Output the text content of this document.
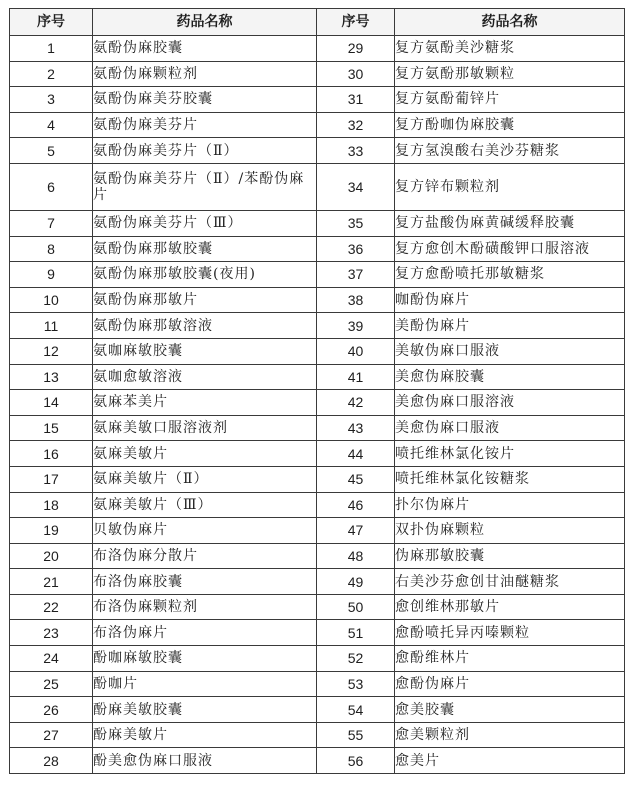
序号	药品名称	序号	药品名称
1	氨酚伪麻胶囊	29	复方氨酚美沙糖浆
2	氨酚伪麻颗粒剂	30	复方氨酚那敏颗粒
3	氨酚伪麻美芬胶囊	31	复方氨酚葡锌片
4	氨酚伪麻美芬片	32	复方酚咖伪麻胶囊
5	氨酚伪麻美芬片（Ⅱ）	33	复方氢溴酸右美沙芬糖浆
6	氨酚伪麻美芬片（Ⅱ）/苯酚伪麻片	34	复方锌布颗粒剂
7	氨酚伪麻美芬片（Ⅲ）	35	复方盐酸伪麻黄碱缓释胶囊
8	氨酚伪麻那敏胶囊	36	复方愈创木酚磺酸钾口服溶液
9	氨酚伪麻那敏胶囊(夜用)	37	复方愈酚喷托那敏糖浆
10	氨酚伪麻那敏片	38	咖酚伪麻片
11	氨酚伪麻那敏溶液	39	美酚伪麻片
12	氨咖麻敏胶囊	40	美敏伪麻口服液
13	氨咖愈敏溶液	41	美愈伪麻胶囊
14	氨麻苯美片	42	美愈伪麻口服溶液
15	氨麻美敏口服溶液剂	43	美愈伪麻口服液
16	氨麻美敏片	44	喷托维林氯化铵片
17	氨麻美敏片（Ⅱ）	45	喷托维林氯化铵糖浆
18	氨麻美敏片（Ⅲ）	46	扑尔伪麻片
19	贝敏伪麻片	47	双扑伪麻颗粒
20	布洛伪麻分散片	48	伪麻那敏胶囊
21	布洛伪麻胶囊	49	右美沙芬愈创甘油醚糖浆
22	布洛伪麻颗粒剂	50	愈创维林那敏片
23	布洛伪麻片	51	愈酚喷托异丙嗪颗粒
24	酚咖麻敏胶囊	52	愈酚维林片
25	酚咖片	53	愈酚伪麻片
26	酚麻美敏胶囊	54	愈美胶囊
27	酚麻美敏片	55	愈美颗粒剂
28	酚美愈伪麻口服液	56	愈美片
